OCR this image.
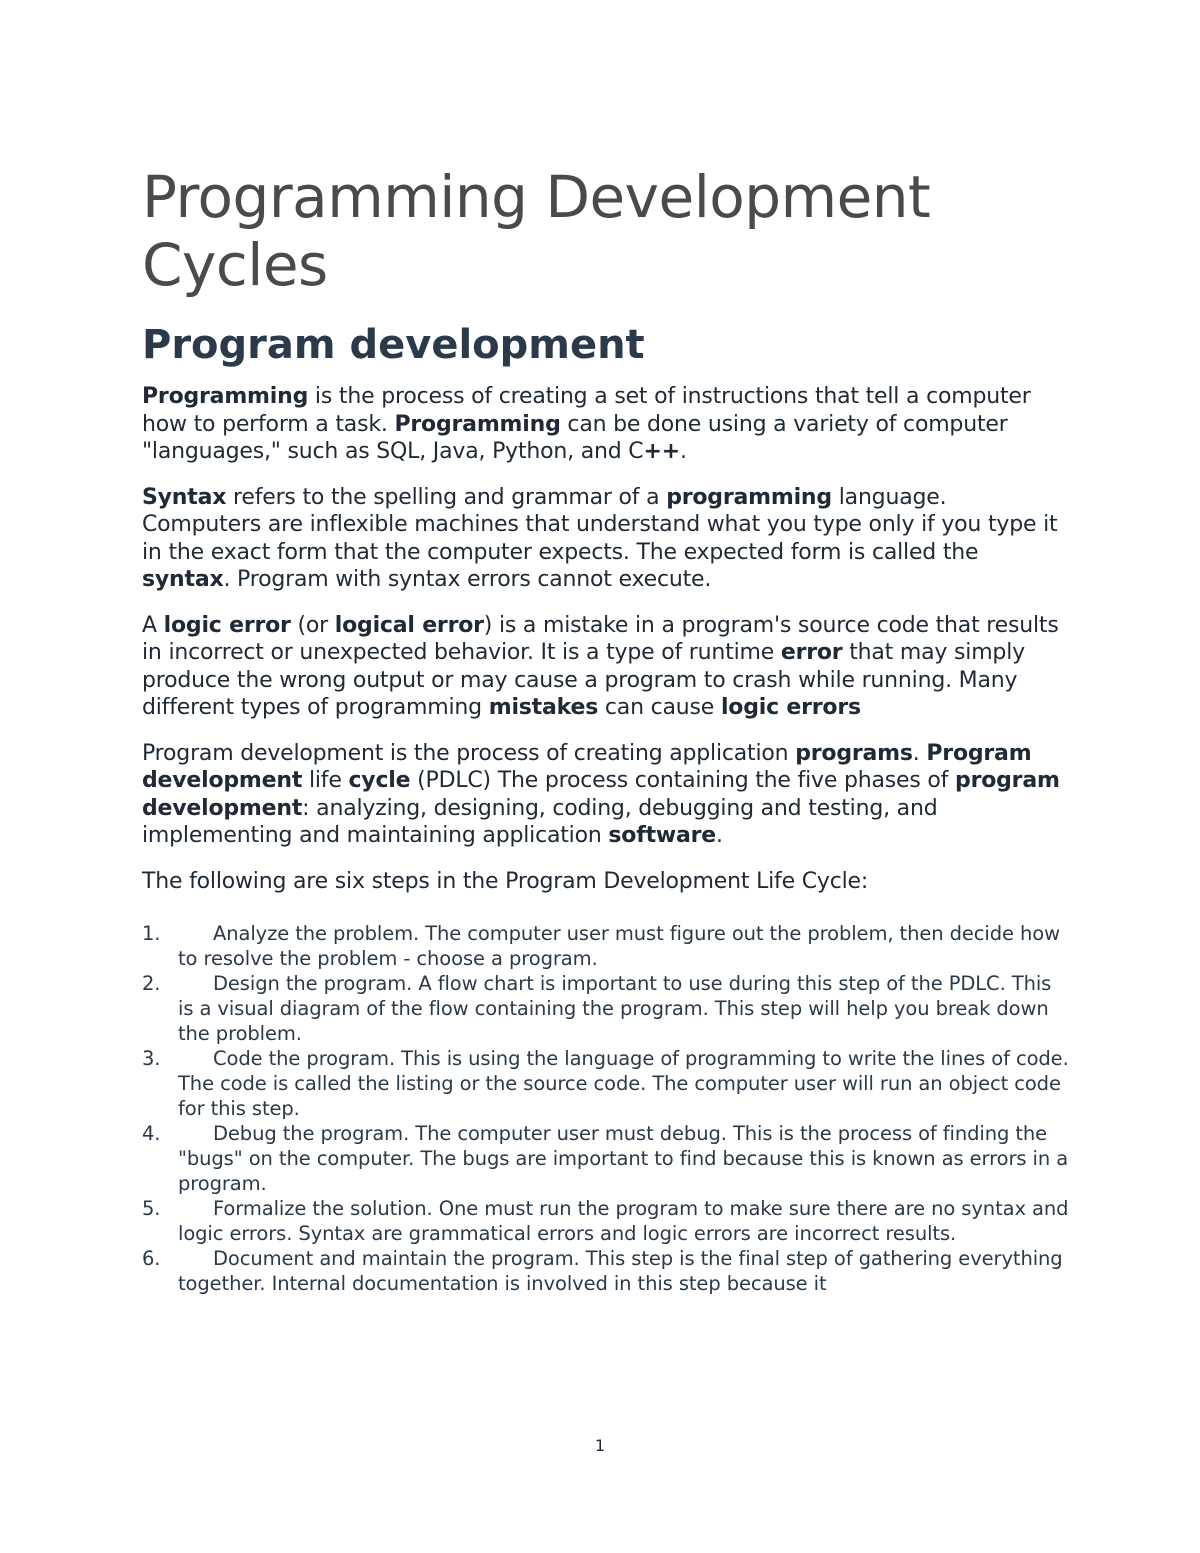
Programming Development Cycles
Program development

Programming is the process of creating a set of instructions that tell a computer how to perform a task. Programming can be done using a variety of computer "languages," such as SQL, Java, Python, and C++.

Syntax refers to the spelling and grammar of a programming language. Computers are inflexible machines that understand what you type only if you type it in the exact form that the computer expects. The expected form is called the syntax. Program with syntax errors cannot execute.

A logic error (or logical error) is a mistake in a program's source code that results in incorrect or unexpected behavior. It is a type of runtime error that may simply produce the wrong output or may cause a program to crash while running. Many different types of programming mistakes can cause logic errors

Program development is the process of creating application programs. Program development life cycle (PDLC) The process containing the five phases of program development: analyzing, designing, coding, debugging and testing, and implementing and maintaining application software.

The following are six steps in the Program Development Life Cycle:

1.	Analyze the problem. The computer user must figure out the problem, then decide how to resolve the problem - choose a program.
2.	Design the program. A flow chart is important to use during this step of the PDLC. This is a visual diagram of the flow containing the program. This step will help you break down the problem.
3.	Code the program. This is using the language of programming to write the lines of code. The code is called the listing or the source code. The computer user will run an object code for this step.
4.	Debug the program. The computer user must debug. This is the process of finding the "bugs" on the computer. The bugs are important to find because this is known as errors in a program.
5.	Formalize the solution. One must run the program to make sure there are no syntax and logic errors. Syntax are grammatical errors and logic errors are incorrect results.
6.	Document and maintain the program. This step is the final step of gathering everything together. Internal documentation is involved in this step because it
1
